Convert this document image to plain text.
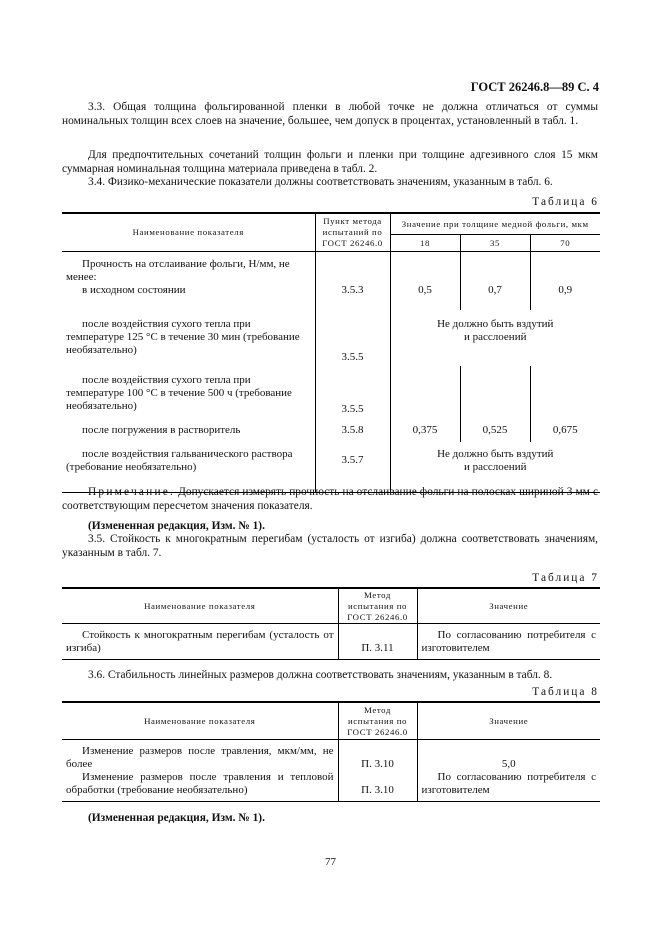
ГОСТ 26246.8—89 С. 4
3.3. Общая толщина фольгированной пленки в любой точке не должна отличаться от суммы номинальных толщин всех слоев на значение, большее, чем допуск в процентах, установленный в табл. 1.
Для предпочтительных сочетаний толщин фольги и пленки при толщине адгезивного слоя 15 мкм суммарная номинальная толщина материала приведена в табл. 2.
3.4. Физико-механические показатели должны соответствовать значениям, указанным в табл. 6.
Таблица 6
Наименование показателя	Пункт метода испытаний по ГОСТ 26246.0	Значение при толщине медной фольги, мкм		
		18	35	70

Прочность на отслаивание фольги, Н/мм, не менее:
в исходном состоянии	3.5.3	0,5	0,7	0,9
после воздействия сухого тепла при температуре 125 °С в течение 30 мин (требование необязательно)	3.5.5	Не должно быть вздутий и расслоений		

после воздействия сухого тепла при температуре 100 °С в течение 500 ч (требование необязательно)	3.5.5			
после погружения в растворитель	3.5.8	0,375	0,525	0,675
после воздействия гальванического раствора (требование необязательно)	3.5.7	Не должно быть вздутий и расслоений		
Примечание. Допускается измерять прочность на отслаивание фольги на полосках шириной 3 мм с соответствующим пересчетом значения показателя.
(Измененная редакция, Изм. № 1).
3.5. Стойкость к многократным перегибам (усталость от изгиба) должна соответствовать значениям, указанным в табл. 7.
Таблица 7
Наименование показателя	Метод испытания по ГОСТ 26246.0	Значение
Стойкость к многократным перегибам (усталость от изгиба)	П. 3.11	По согласованию потребителя с изготовителем
3.6. Стабильность линейных размеров должна соответствовать значениям, указанным в табл. 8.
Таблица 8
Наименование показателя	Метод испытания по ГОСТ 26246.0	Значение
Изменение размеров после травления, мкм/мм, не более	П. 3.10	5,0
Изменение размеров после травления и тепловой обработки (требование необязательно)	П. 3.10	По согласованию потребителя с изготовителем
(Измененная редакция, Изм. № 1).
77
